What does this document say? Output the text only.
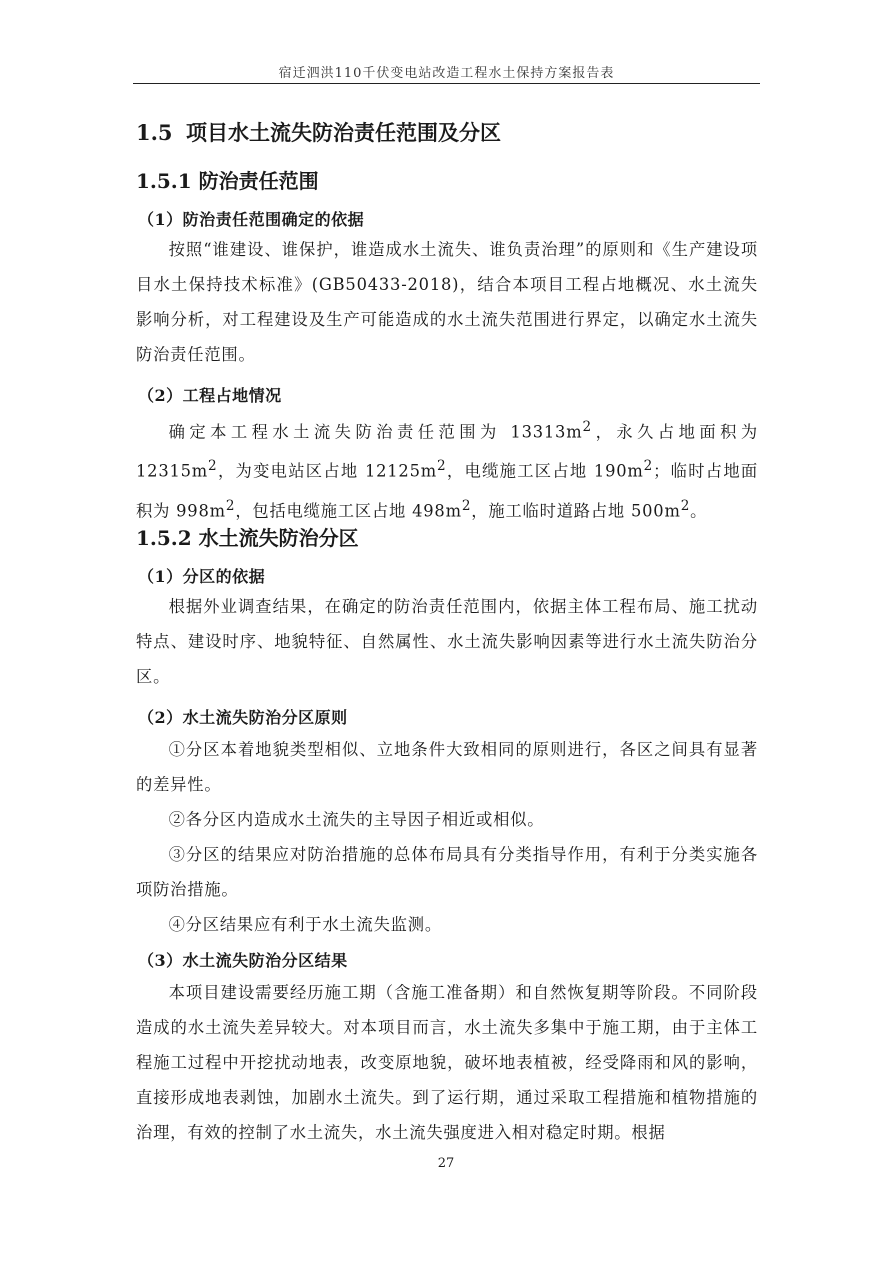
宿迁泗洪110千伏变电站改造工程水土保持方案报告表
1.5 项目水土流失防治责任范围及分区
1.5.1 防治责任范围
（1）防治责任范围确定的依据
按照“谁建设、谁保护，谁造成水土流失、谁负责治理”的原则和《生产建设项目水土保持技术标准》(GB50433-2018)，结合本项目工程占地概况、水土流失影响分析，对工程建设及生产可能造成的水土流失范围进行界定，以确定水土流失防治责任范围。
（2）工程占地情况
确定本工程水土流失防治责任范围为 $13313m^2$，永久占地面积为 $12315m^2$，为变电站区占地 $12125m^2$，电缆施工区占地 $190m^2$；临时占地面积为 $998m^2$，包括电缆施工区占地 $498m^2$，施工临时道路占地 $500m^2$。
1.5.2 水土流失防治分区
（1）分区的依据
根据外业调查结果，在确定的防治责任范围内，依据主体工程布局、施工扰动特点、建设时序、地貌特征、自然属性、水土流失影响因素等进行水土流失防治分区。
（2）水土流失防治分区原则
①分区本着地貌类型相似、立地条件大致相同的原则进行，各区之间具有显著的差异性。
②各分区内造成水土流失的主导因子相近或相似。
③分区的结果应对防治措施的总体布局具有分类指导作用，有利于分类实施各项防治措施。
④分区结果应有利于水土流失监测。
（3）水土流失防治分区结果
本项目建设需要经历施工期（含施工准备期）和自然恢复期等阶段。不同阶段造成的水土流失差异较大。对本项目而言，水土流失多集中于施工期，由于主体工程施工过程中开挖扰动地表，改变原地貌，破坏地表植被，经受降雨和风的影响，直接形成地表剥蚀，加剧水土流失。到了运行期，通过采取工程措施和植物措施的治理，有效的控制了水土流失，水土流失强度进入相对稳定时期。根据
27
